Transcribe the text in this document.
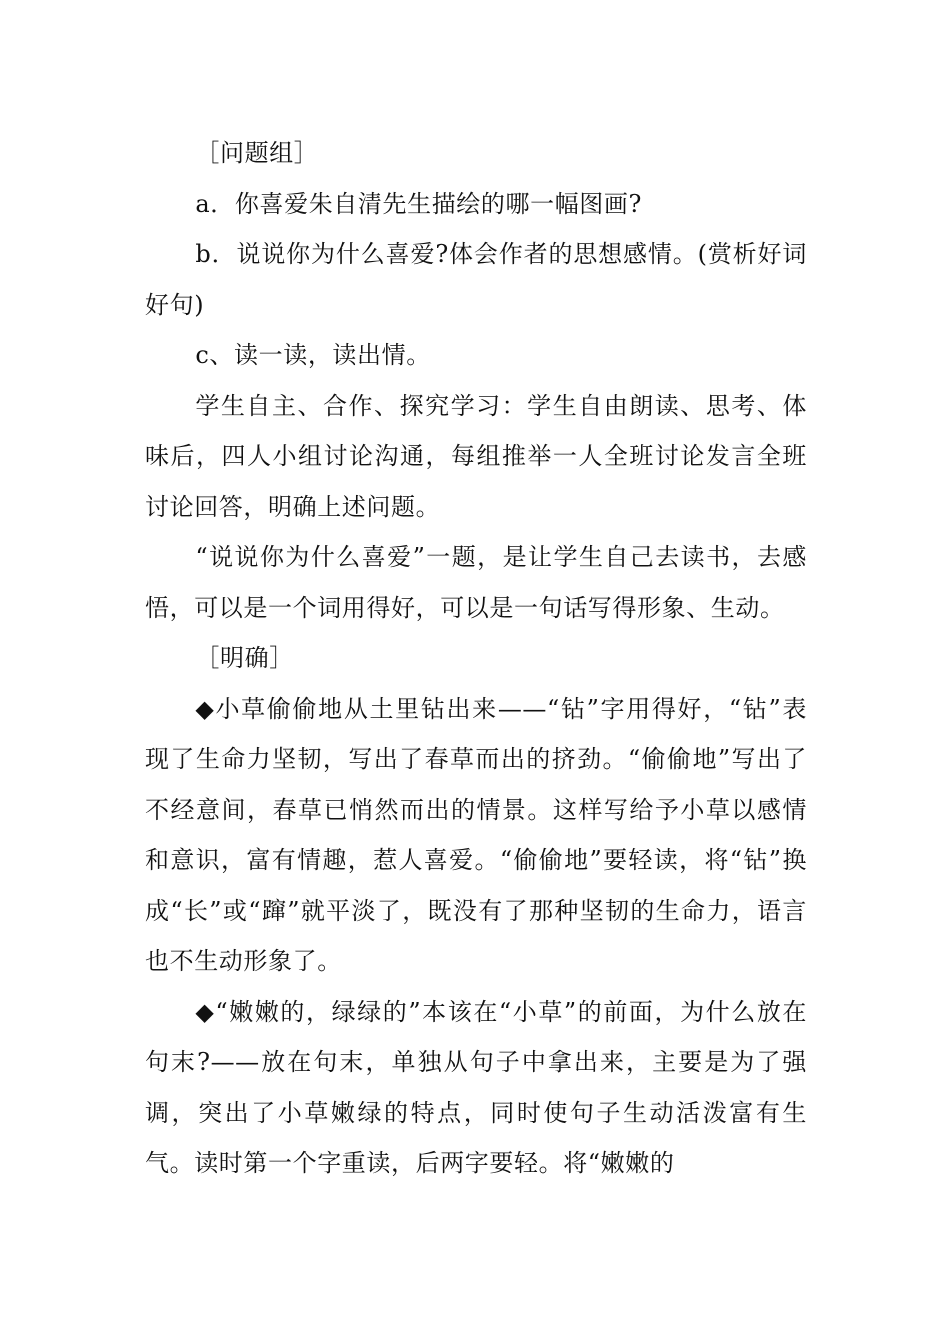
［问题组］

a．你喜爱朱自清先生描绘的哪一幅图画?

b．说说你为什么喜爱?体会作者的思想感情。(赏析好词好句)

c、读一读，读出情。

学生自主、合作、探究学习：学生自由朗读、思考、体味后，四人小组讨论沟通，每组推举一人全班讨论发言全班讨论回答，明确上述问题。

“说说你为什么喜爱”一题，是让学生自己去读书，去感悟，可以是一个词用得好，可以是一句话写得形象、生动。

［明确］

◆小草偷偷地从土里钻出来——“钻”字用得好，“钻”表现了生命力坚韧，写出了春草而出的挤劲。“偷偷地”写出了不经意间，春草已悄然而出的情景。这样写给予小草以感情和意识，富有情趣，惹人喜爱。“偷偷地”要轻读，将“钻”换成“长”或“蹿”就平淡了，既没有了那种坚韧的生命力，语言也不生动形象了。

◆“嫩嫩的，绿绿的”本该在“小草”的前面，为什么放在句末?——放在句末，单独从句子中拿出来，主要是为了强调，突出了小草嫩绿的特点，同时使句子生动活泼富有生气。读时第一个字重读，后两字要轻。将“嫩嫩的
